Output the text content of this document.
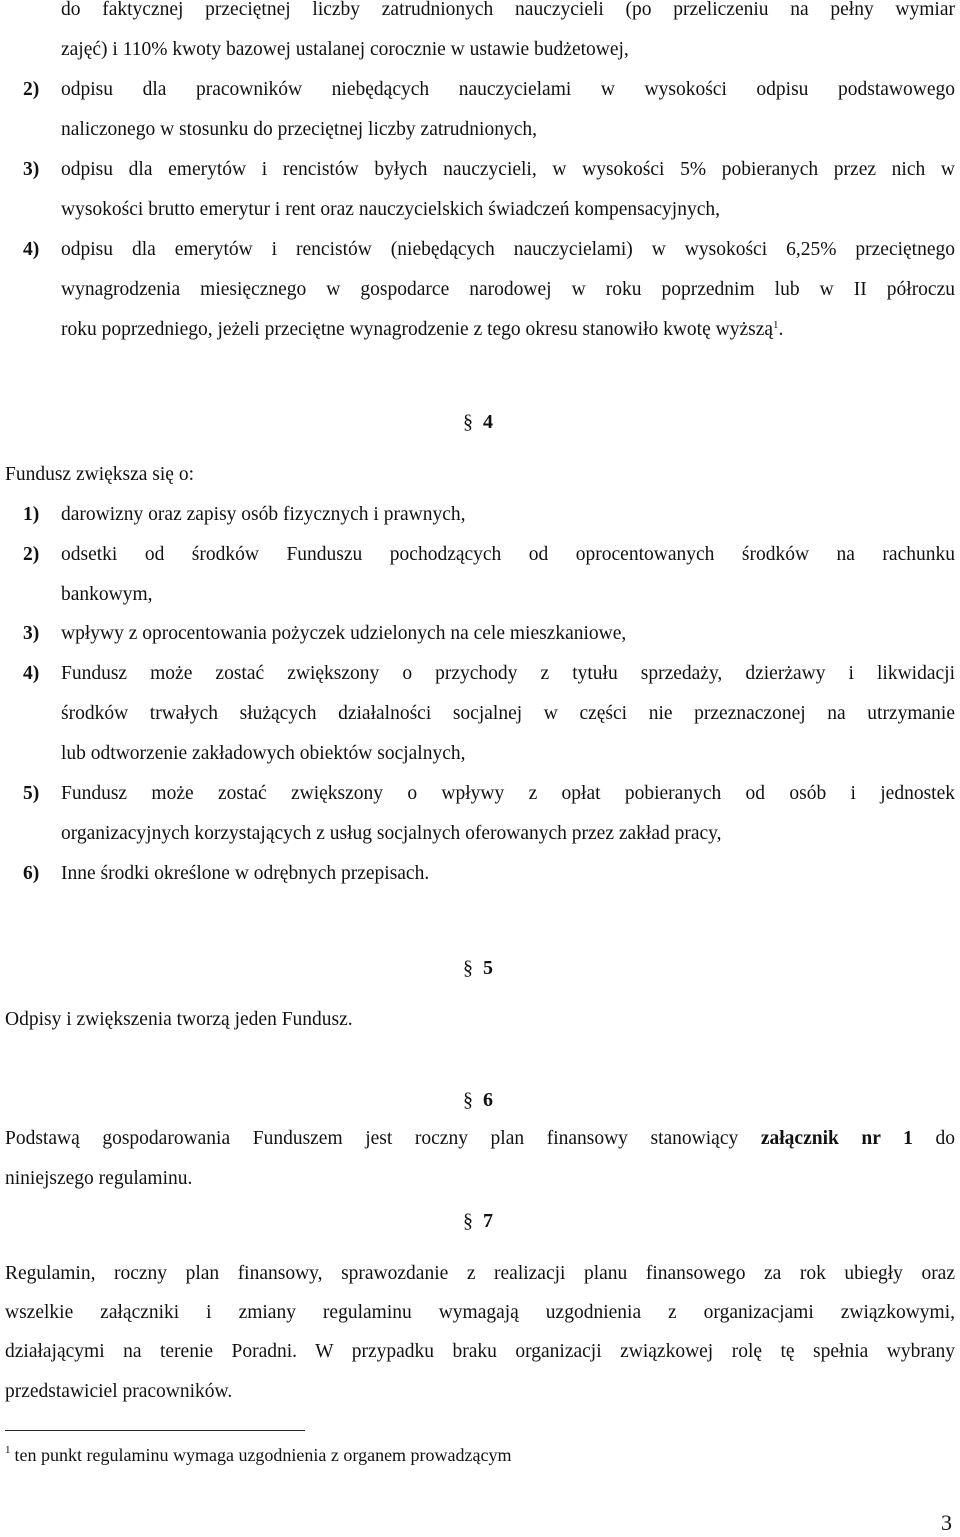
do faktycznej przeciętnej liczby zatrudnionych nauczycieli (po przeliczeniu na pełny wymiar
zajęć) i 110% kwoty bazowej ustalanej corocznie w ustawie budżetowej,
2) odpisu dla pracowników niebędących nauczycielami w wysokości odpisu podstawowego
naliczonego w stosunku do przeciętnej liczby zatrudnionych,
3) odpisu dla emerytów i rencistów byłych nauczycieli, w wysokości 5% pobieranych przez nich w
wysokości brutto emerytur i rent oraz nauczycielskich świadczeń kompensacyjnych,
4) odpisu dla emerytów i rencistów (niebędących nauczycielami) w wysokości 6,25% przeciętnego
wynagrodzenia miesięcznego w gospodarce narodowej w roku poprzednim lub w II półroczu
roku poprzedniego, jeżeli przeciętne wynagrodzenie z tego okresu stanowiło kwotę wyższą$^1$.
§ 4
Fundusz zwiększa się o:
1) darowizny oraz zapisy osób fizycznych i prawnych,
2) odsetki od środków Funduszu pochodzących od oprocentowanych środków na rachunku
bankowym,
3) wpływy z oprocentowania pożyczek udzielonych na cele mieszkaniowe,
4) Fundusz może zostać zwiększony o przychody z tytułu sprzedaży, dzierżawy i likwidacji
środków trwałych służących działalności socjalnej w części nie przeznaczonej na utrzymanie
lub odtworzenie zakładowych obiektów socjalnych,
5) Fundusz może zostać zwiększony o wpływy z opłat pobieranych od osób i jednostek
organizacyjnych korzystających z usług socjalnych oferowanych przez zakład pracy,
6) Inne środki określone w odrębnych przepisach.
§ 5
Odpisy i zwiększenia tworzą jeden Fundusz.
§ 6
Podstawą gospodarowania Funduszem jest roczny plan finansowy stanowiący załącznik nr 1 do
niniejszego regulaminu.
§ 7
Regulamin, roczny plan finansowy, sprawozdanie z realizacji planu finansowego za rok ubiegły oraz
wszelkie załączniki i zmiany regulaminu wymagają uzgodnienia z organizacjami związkowymi,
działającymi na terenie Poradni. W przypadku braku organizacji związkowej rolę tę spełnia wybrany
przedstawiciel pracowników.
$^1$ ten punkt regulaminu wymaga uzgodnienia z organem prowadzącym
3
